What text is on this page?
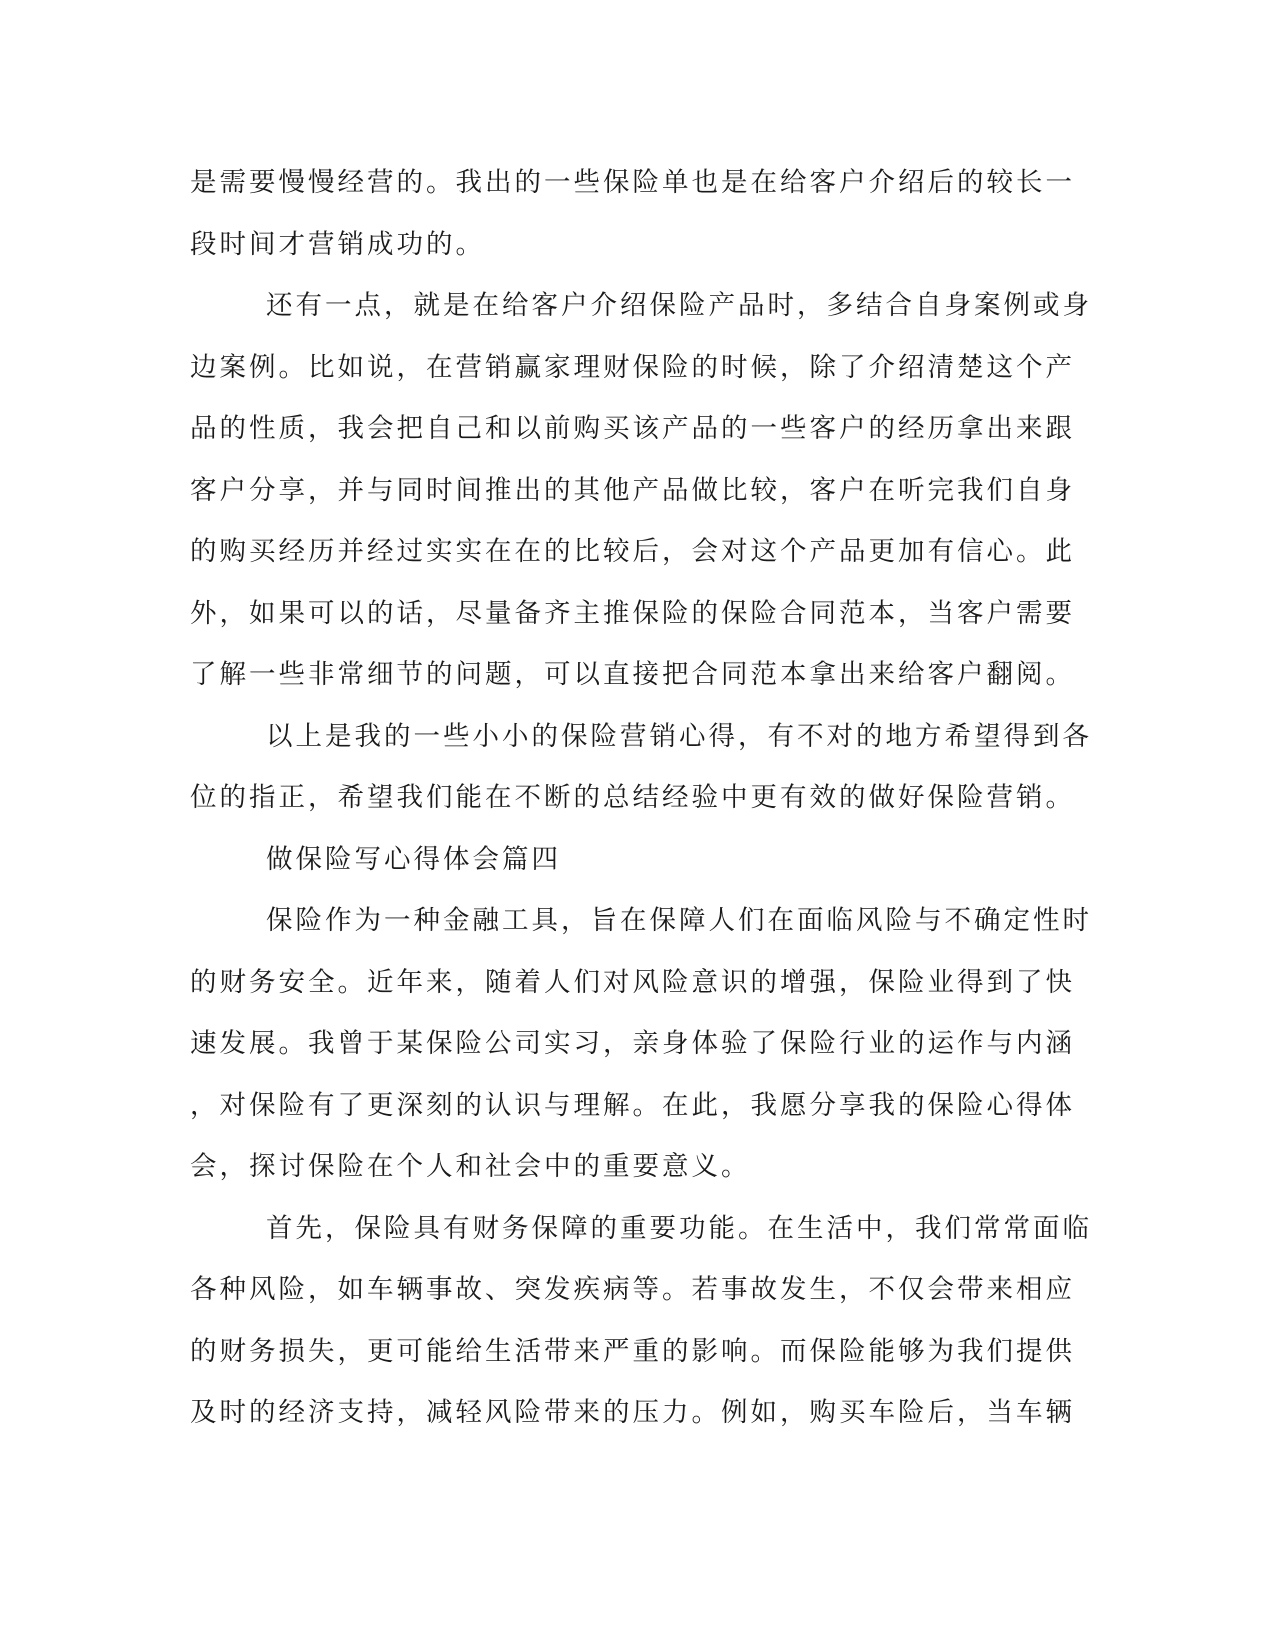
是需要慢慢经营的。我出的一些保险单也是在给客户介绍后的较长一
段时间才营销成功的。
还有一点，就是在给客户介绍保险产品时，多结合自身案例或身
边案例。比如说，在营销赢家理财保险的时候，除了介绍清楚这个产
品的性质，我会把自己和以前购买该产品的一些客户的经历拿出来跟
客户分享，并与同时间推出的其他产品做比较，客户在听完我们自身
的购买经历并经过实实在在的比较后，会对这个产品更加有信心。此
外，如果可以的话，尽量备齐主推保险的保险合同范本，当客户需要
了解一些非常细节的问题，可以直接把合同范本拿出来给客户翻阅。
以上是我的一些小小的保险营销心得，有不对的地方希望得到各
位的指正，希望我们能在不断的总结经验中更有效的做好保险营销。
做保险写心得体会篇四
保险作为一种金融工具，旨在保障人们在面临风险与不确定性时
的财务安全。近年来，随着人们对风险意识的增强，保险业得到了快
速发展。我曾于某保险公司实习，亲身体验了保险行业的运作与内涵
，对保险有了更深刻的认识与理解。在此，我愿分享我的保险心得体
会，探讨保险在个人和社会中的重要意义。
首先，保险具有财务保障的重要功能。在生活中，我们常常面临
各种风险，如车辆事故、突发疾病等。若事故发生，不仅会带来相应
的财务损失，更可能给生活带来严重的影响。而保险能够为我们提供
及时的经济支持，减轻风险带来的压力。例如，购买车险后，当车辆
